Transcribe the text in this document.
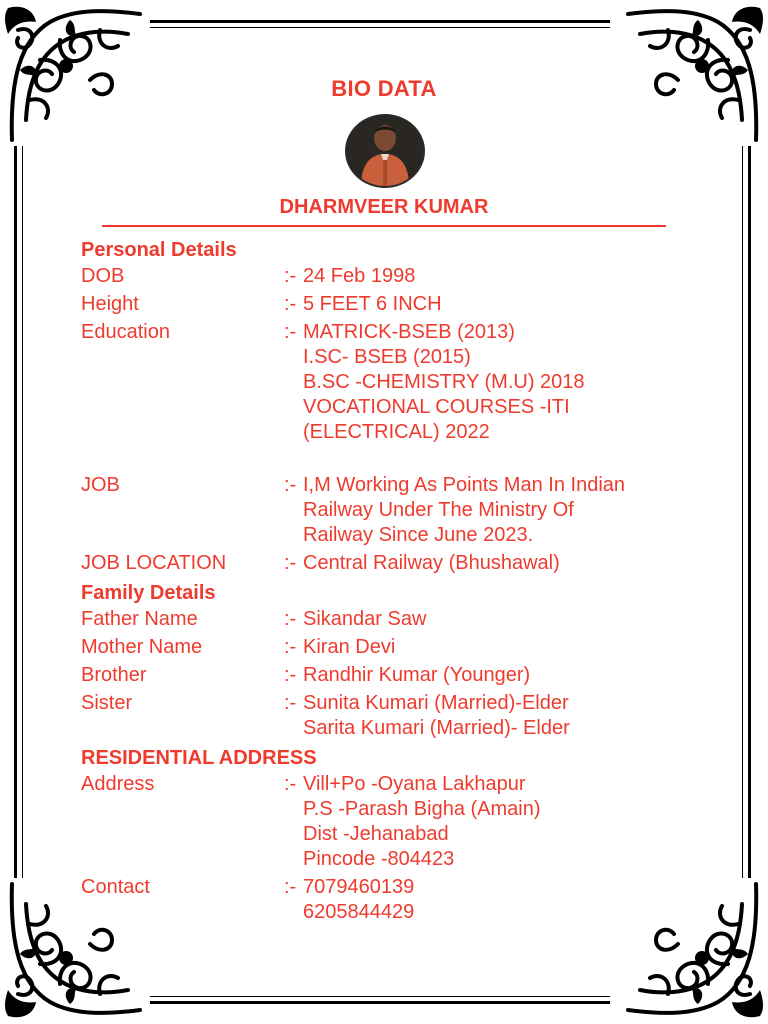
BIO DATA
DHARMVEER KUMAR
Personal Details
DOB	:- 24 Feb 1998
Height	:- 5 FEET 6 INCH
Education	:- MATRICK-BSEB (2013)
I.SC- BSEB (2015)
B.SC -CHEMISTRY (M.U) 2018
VOCATIONAL COURSES -ITI
(ELECTRICAL) 2022
JOB	:- I,M Working As Points Man In Indian
Railway Under The Ministry Of
Railway Since June 2023.
JOB LOCATION	:- Central Railway (Bhushawal)
Family Details
Father Name	:- Sikandar Saw
Mother Name	:- Kiran Devi
Brother	:- Randhir Kumar (Younger)
Sister	:- Sunita Kumari (Married)-Elder
Sarita Kumari (Married)- Elder
RESIDENTIAL ADDRESS
Address	:- Vill+Po -Oyana Lakhapur
P.S -Parash Bigha (Amain)
Dist -Jehanabad
Pincode -804423
Contact	:- 7079460139
6205844429
